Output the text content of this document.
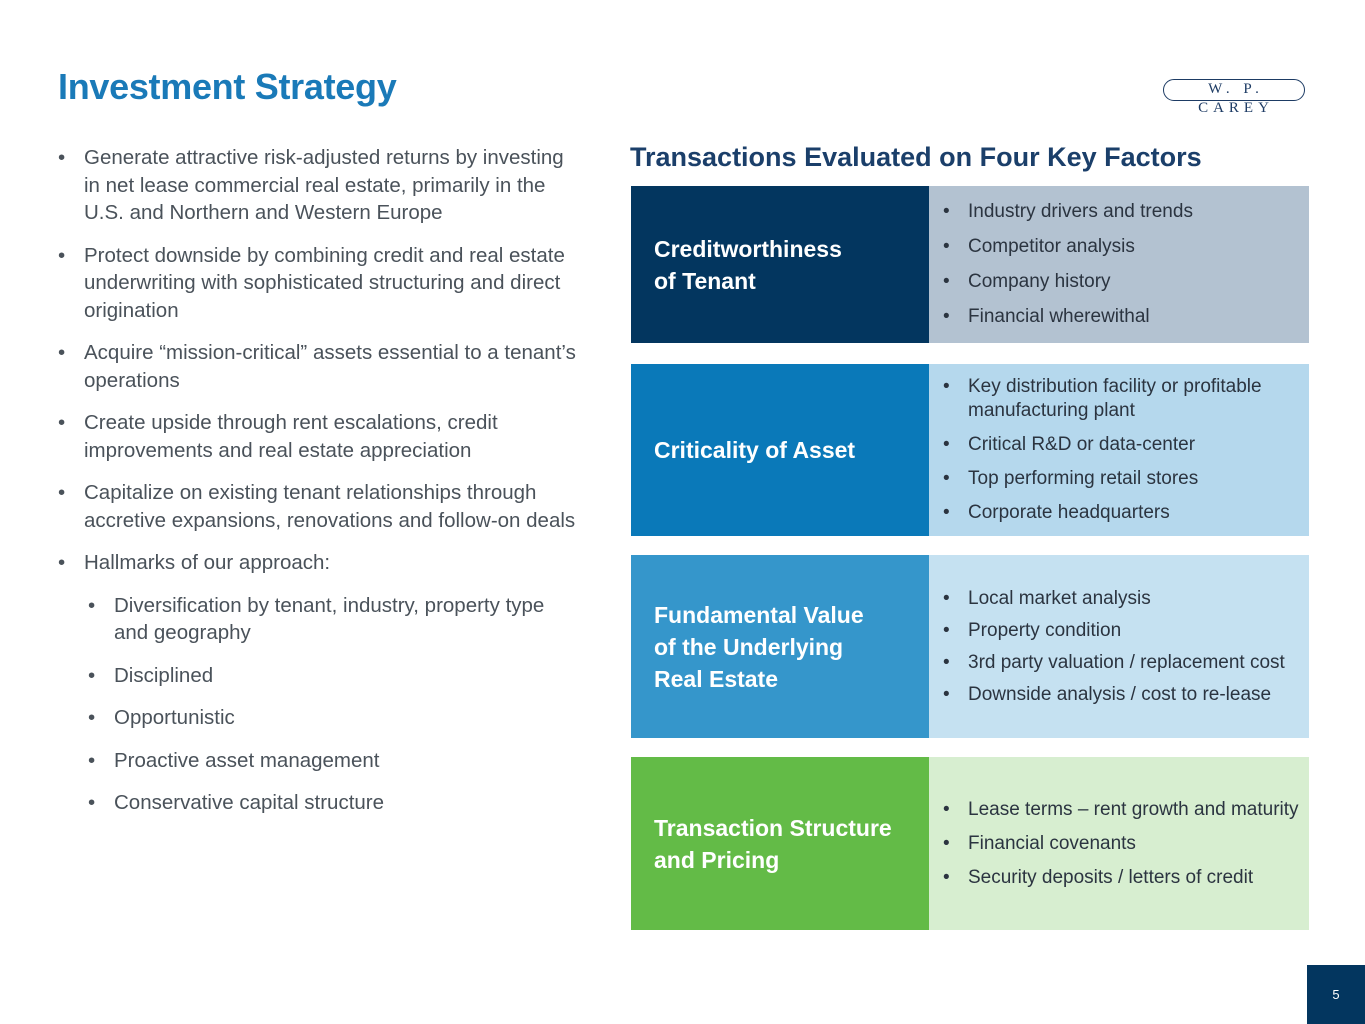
Investment Strategy	W. P. CAREY
• Generate attractive risk-adjusted returns by investing in net lease commercial real estate, primarily in the U.S. and Northern and Western Europe
• Protect downside by combining credit and real estate underwriting with sophisticated structuring and direct origination
• Acquire “mission-critical” assets essential to a tenant’s operations
• Create upside through rent escalations, credit improvements and real estate appreciation
• Capitalize on existing tenant relationships through accretive expansions, renovations and follow-on deals
• Hallmarks of our approach:
• Diversification by tenant, industry, property type and geography
• Disciplined
• Opportunistic
• Proactive asset management
• Conservative capital structure
Transactions Evaluated on Four Key Factors
Creditworthiness
of Tenant
• Industry drivers and trends
• Competitor analysis
• Company history
• Financial wherewithal
Criticality of Asset
• Key distribution facility or profitable manufacturing plant
• Critical R&D or data-center
• Top performing retail stores
• Corporate headquarters
Fundamental Value
of the Underlying
Real Estate
• Local market analysis
• Property condition
• 3rd party valuation / replacement cost
• Downside analysis / cost to re-lease
Transaction Structure
and Pricing
• Lease terms – rent growth and maturity
• Financial covenants
• Security deposits / letters of credit
5
